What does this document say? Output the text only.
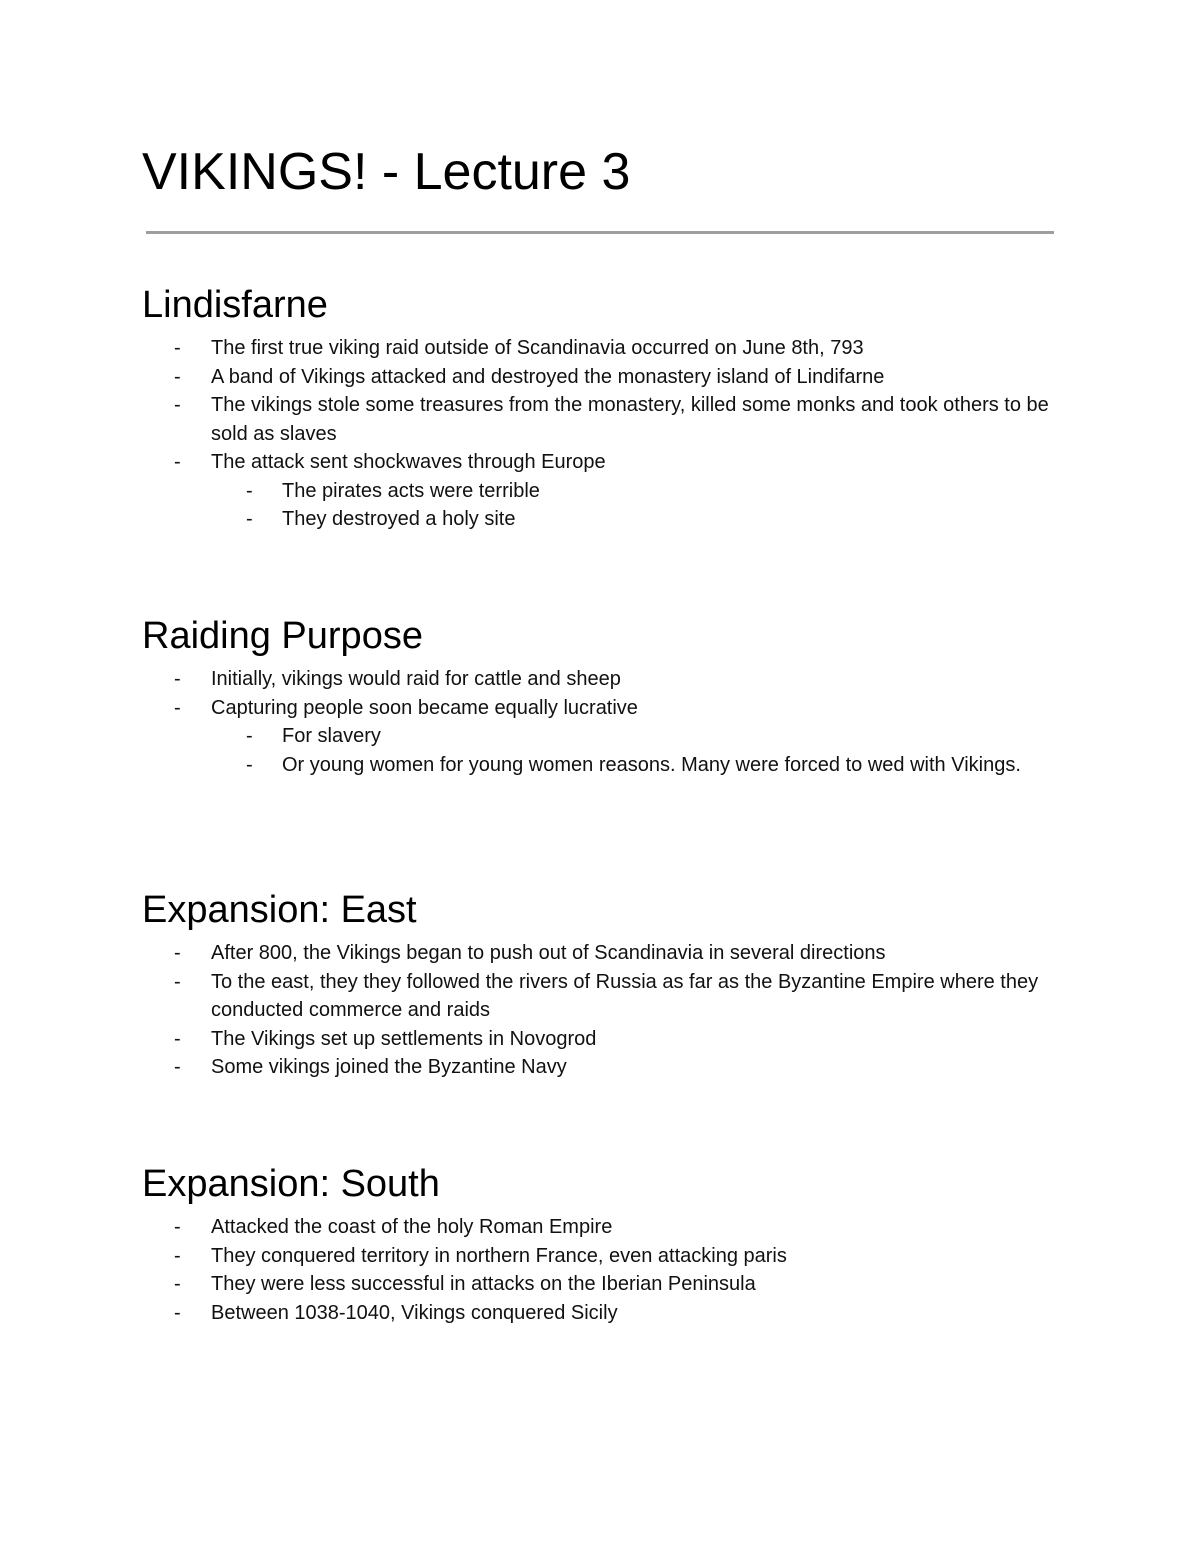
VIKINGS! - Lecture 3
Lindisfarne
- The first true viking raid outside of Scandinavia occurred on June 8th, 793
- A band of Vikings attacked and destroyed the monastery island of Lindifarne
- The vikings stole some treasures from the monastery, killed some monks and took others to be sold as slaves
- The attack sent shockwaves through Europe
- The pirates acts were terrible
- They destroyed a holy site
Raiding Purpose
- Initially, vikings would raid for cattle and sheep
- Capturing people soon became equally lucrative
- For slavery
- Or young women for young women reasons. Many were forced to wed with Vikings.
Expansion: East
- After 800, the Vikings began to push out of Scandinavia in several directions
- To the east, they they followed the rivers of Russia as far as the Byzantine Empire where they conducted commerce and raids
- The Vikings set up settlements in Novogrod
- Some vikings joined the Byzantine Navy
Expansion: South
- Attacked the coast of the holy Roman Empire
- They conquered territory in northern France, even attacking paris
- They were less successful in attacks on the Iberian Peninsula
- Between 1038-1040, Vikings conquered Sicily
